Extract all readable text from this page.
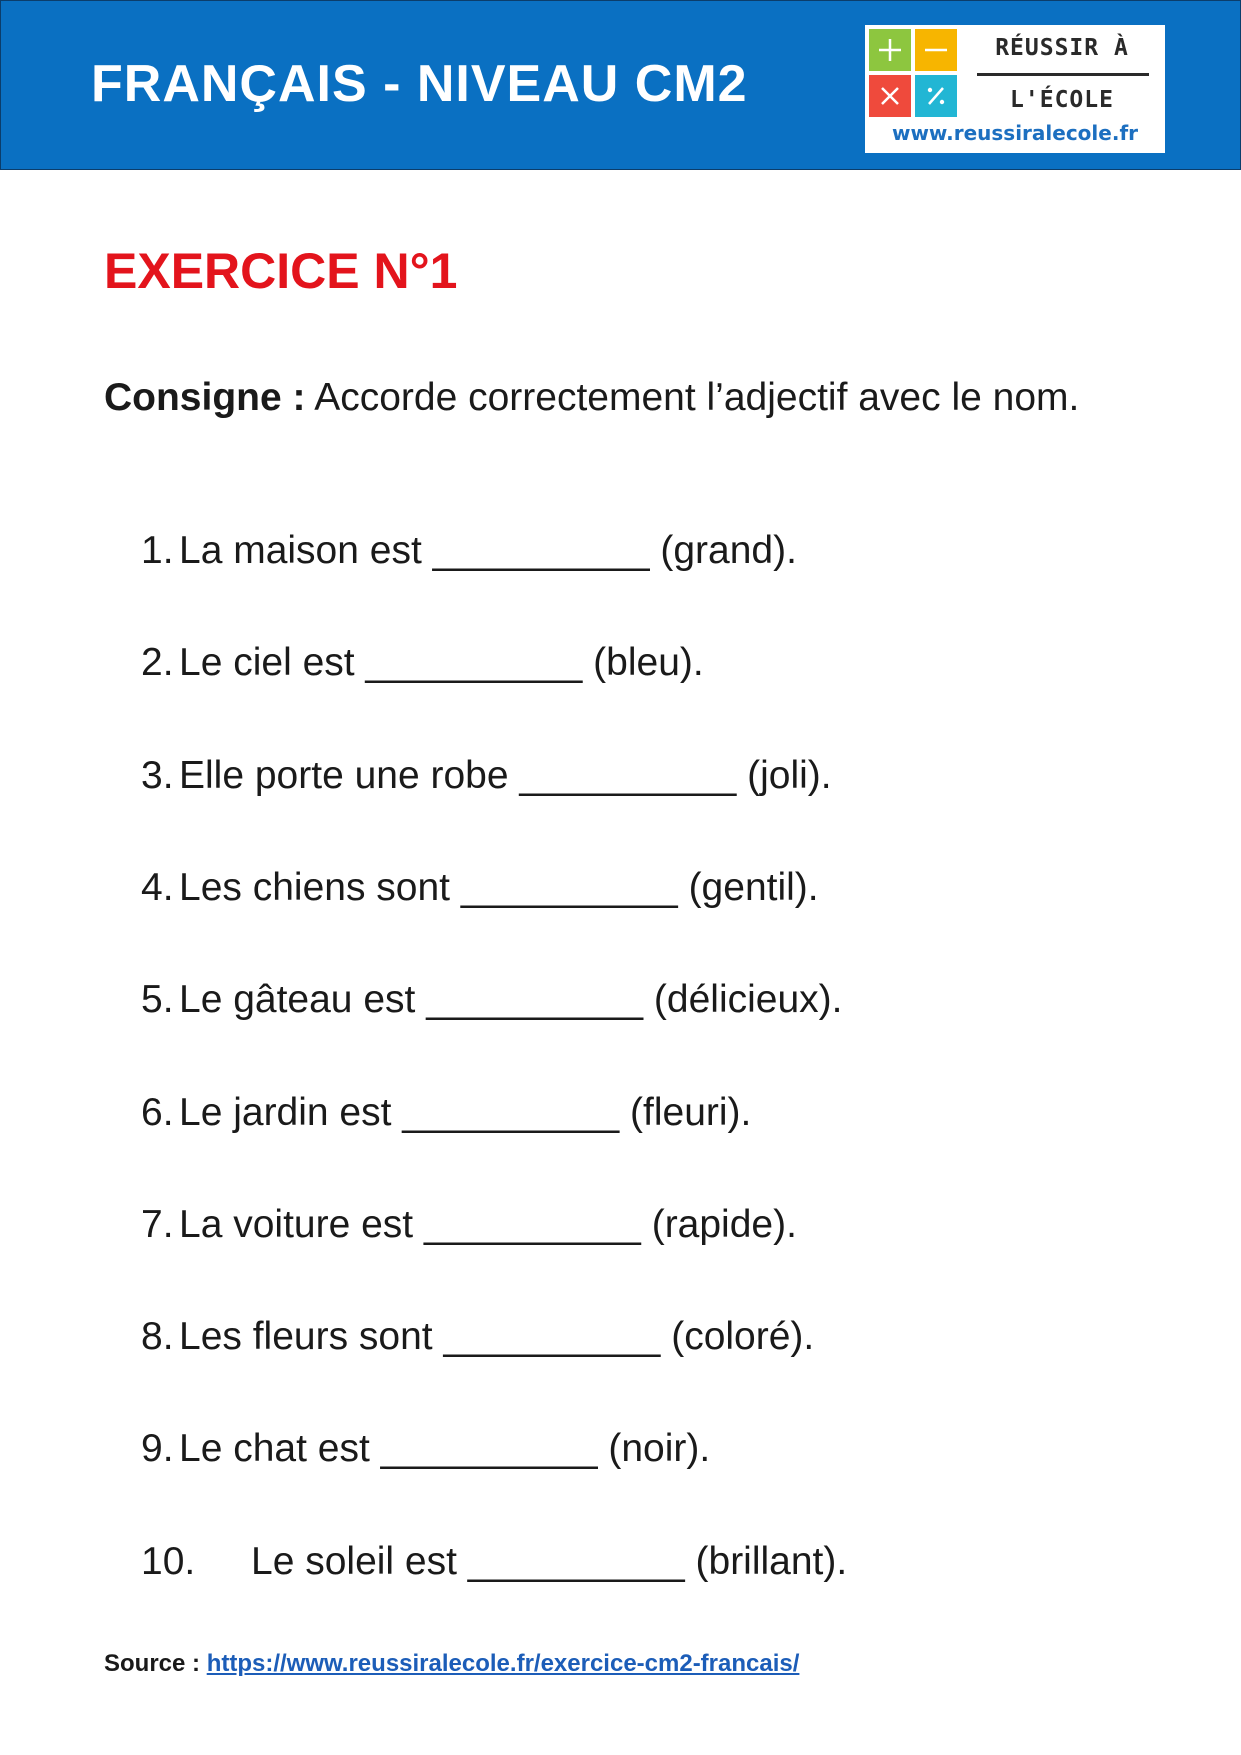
FRANÇAIS - NIVEAU CM2
RÉUSSIR À
L'ÉCOLE
www.reussiralecole.fr
EXERCICE N°1
Consigne : Accorde correctement l’adjectif avec le nom.
1. La maison est __________ (grand).
2. Le ciel est __________ (bleu).
3. Elle porte une robe __________ (joli).
4. Les chiens sont __________ (gentil).
5. Le gâteau est __________ (délicieux).
6. Le jardin est __________ (fleuri).
7. La voiture est __________ (rapide).
8. Les fleurs sont __________ (coloré).
9. Le chat est __________ (noir).
10. Le soleil est __________ (brillant).
Source : https://www.reussiralecole.fr/exercice-cm2-francais/
